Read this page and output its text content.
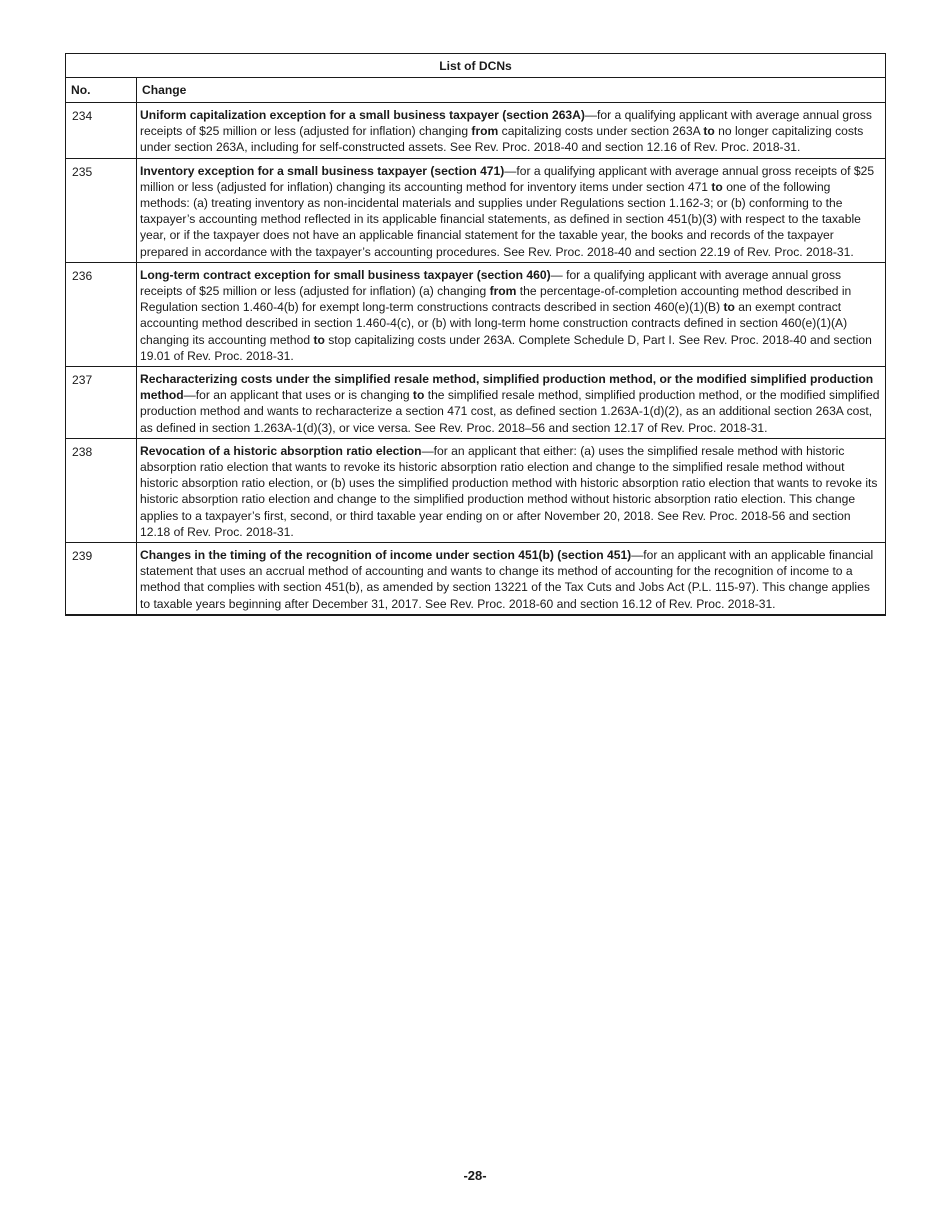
List of DCNs	
No.	Change
234	Uniform capitalization exception for a small business taxpayer (section 263A)—for a qualifying applicant with average annual gross receipts of $25 million or less (adjusted for inflation) changing from capitalizing costs under section 263A to no longer capitalizing costs under section 263A, including for self-constructed assets. See Rev. Proc. 2018-40 and section 12.16 of Rev. Proc. 2018-31.
235	Inventory exception for a small business taxpayer (section 471)—for a qualifying applicant with average annual gross receipts of $25 million or less (adjusted for inflation) changing its accounting method for inventory items under section 471 to one of the following methods: (a) treating inventory as non-incidental materials and supplies under Regulations section 1.162-3; or (b) conforming to the taxpayer’s accounting method reflected in its applicable financial statements, as defined in section 451(b)(3) with respect to the taxable year, or if the taxpayer does not have an applicable financial statement for the taxable year, the books and records of the taxpayer prepared in accordance with the taxpayer’s accounting procedures. See Rev. Proc. 2018-40 and section 22.19 of Rev. Proc. 2018-31.
236	Long-term contract exception for small business taxpayer (section 460)— for a qualifying applicant with average annual gross receipts of $25 million or less (adjusted for inflation) (a) changing from the percentage-of-completion accounting method described in Regulation section 1.460-4(b) for exempt long-term constructions contracts described in section 460(e)(1)(B) to an exempt contract accounting method described in section 1.460-4(c), or (b) with long-term home construction contracts defined in section 460(e)(1)(A) changing its accounting method to stop capitalizing costs under 263A. Complete Schedule D, Part I. See Rev. Proc. 2018-40 and section 19.01 of Rev. Proc. 2018-31.
237	Recharacterizing costs under the simplified resale method, simplified production method, or the modified simplified production method—for an applicant that uses or is changing to the simplified resale method, simplified production method, or the modified simplified production method and wants to recharacterize a section 471 cost, as defined section 1.263A-1(d)(2), as an additional section 263A cost, as defined in section 1.263A-1(d)(3), or vice versa. See Rev. Proc. 2018–56 and section 12.17 of Rev. Proc. 2018-31.
238	Revocation of a historic absorption ratio election—for an applicant that either: (a) uses the simplified resale method with historic absorption ratio election that wants to revoke its historic absorption ratio election and change to the simplified resale method without historic absorption ratio election, or (b) uses the simplified production method with historic absorption ratio election that wants to revoke its historic absorption ratio election and change to the simplified production method without historic absorption ratio election. This change applies to a taxpayer’s first, second, or third taxable year ending on or after November 20, 2018. See Rev. Proc. 2018-56 and section 12.18 of Rev. Proc. 2018-31.
239	Changes in the timing of the recognition of income under section 451(b) (section 451)—for an applicant with an applicable financial statement that uses an accrual method of accounting and wants to change its method of accounting for the recognition of income to a method that complies with section 451(b), as amended by section 13221 of the Tax Cuts and Jobs Act (P.L. 115-97). This change applies to taxable years beginning after December 31, 2017. See Rev. Proc. 2018-60 and section 16.12 of Rev. Proc. 2018-31.
-28-
